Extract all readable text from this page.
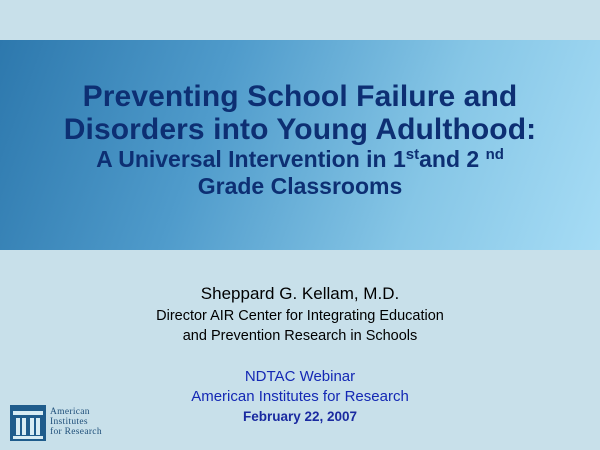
Preventing School Failure and
Disorders into Young Adulthood:
A Universal Intervention in 1stand 2 $^{nd}$
Grade Classrooms
Sheppard G. Kellam, M.D.
Director AIR Center for Integrating Education
and Prevention Research in Schools
NDTAC Webinar
American Institutes for Research
February 22, 2007
American
Institutes
for Research
